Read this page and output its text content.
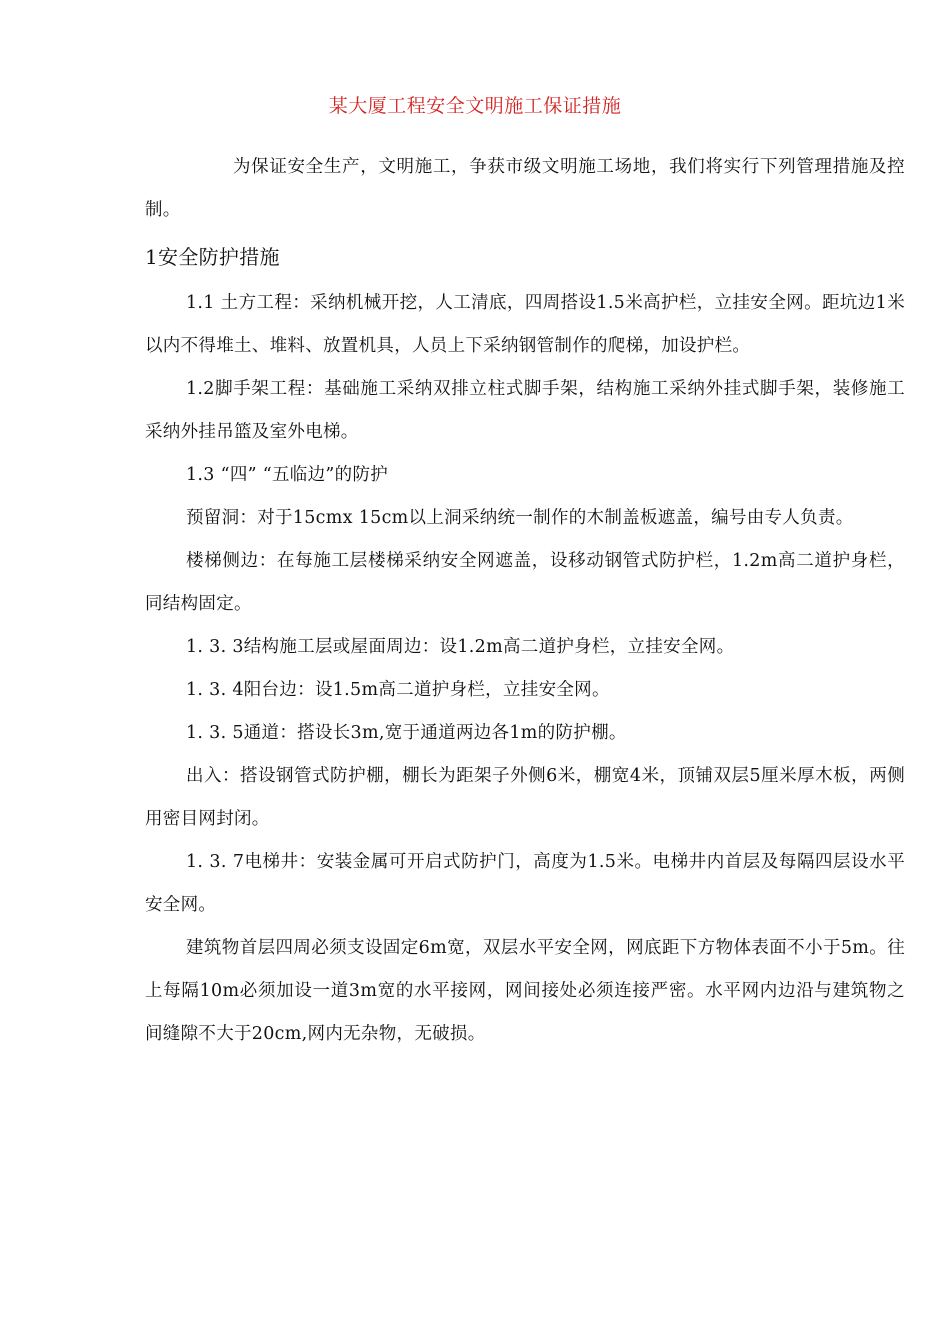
某大厦工程安全文明施工保证措施

为保证安全生产，文明施工，争获市级文明施工场地，我们将实行下列管理措施及控制。

1安全防护措施

1.1 土方工程：采纳机械开挖，人工清底，四周搭设1.5米高护栏，立挂安全网。距坑边1米以内不得堆土、堆料、放置机具，人员上下采纳钢管制作的爬梯，加设护栏。

1.2脚手架工程：基础施工采纳双排立柱式脚手架，结构施工采纳外挂式脚手架，装修施工采纳外挂吊篮及室外电梯。

1.3 “四” “五临边”的防护

预留洞：对于15cmx 15cm以上洞采纳统一制作的木制盖板遮盖，编号由专人负责。

楼梯侧边：在每施工层楼梯采纳安全网遮盖，设移动钢管式防护栏，1.2m高二道护身栏，同结构固定。

1. 3. 3结构施工层或屋面周边：设1.2m高二道护身栏，立挂安全网。

1. 3. 4阳台边：设1.5m高二道护身栏，立挂安全网。

1. 3. 5通道：搭设长3m,宽于通道两边各1m的防护棚。

出入：搭设钢管式防护棚，棚长为距架子外侧6米，棚宽4米，顶铺双层5厘米厚木板，两侧用密目网封闭。

1. 3. 7电梯井：安装金属可开启式防护门，高度为1.5米。电梯井内首层及每隔四层设水平安全网。

建筑物首层四周必须支设固定6m宽，双层水平安全网，网底距下方物体表面不小于5m。往上每隔10m必须加设一道3m宽的水平接网，网间接处必须连接严密。水平网内边沿与建筑物之间缝隙不大于20cm,网内无杂物，无破损。
